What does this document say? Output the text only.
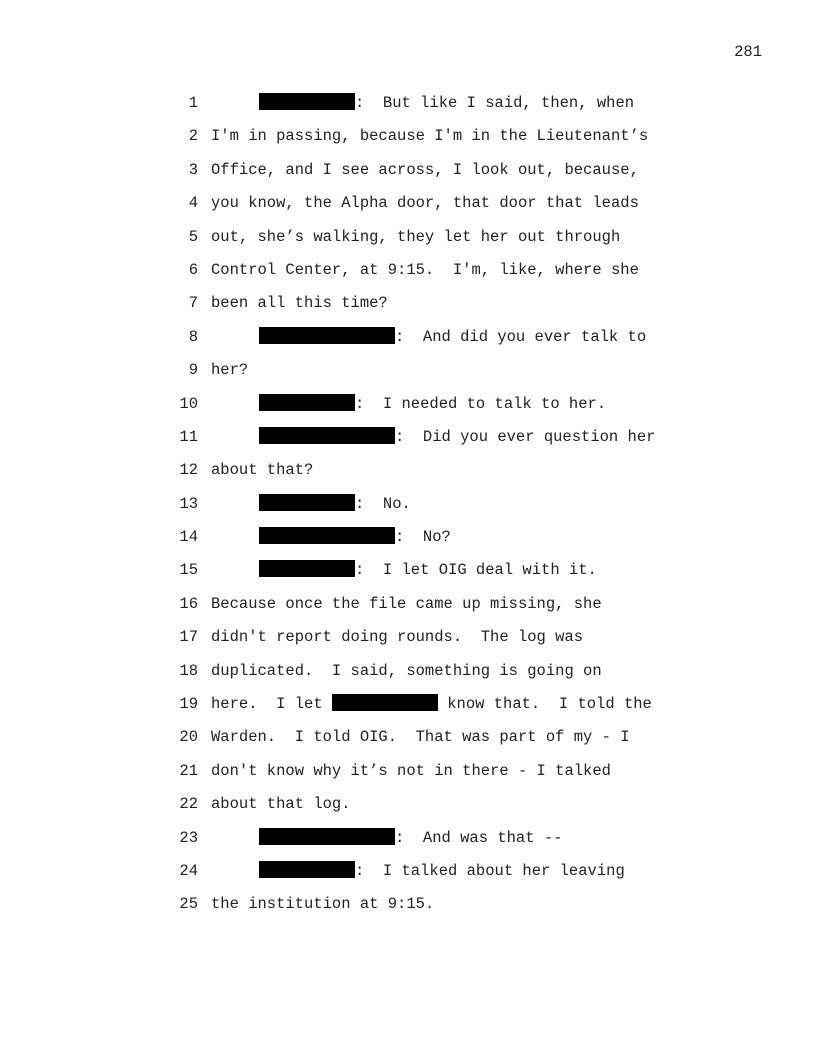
281

1

	:  But like I said, then, when

2

I'm in passing, because I'm in the Lieutenant’s

3

Office, and I see across, I look out, because,

4

you know, the Alpha door, that door that leads

5

out, she’s walking, they let her out through

6

Control Center, at 9:15.  I'm, like, where she

7

been all this time?

8

	:  And did you ever talk to

9

her?

10

	:  I needed to talk to her.

11

	:  Did you ever question her

12

about that?

13

	:  No.

14

	:  No?

15

	:  I let OIG deal with it.

16

Because once the file came up missing, she

17

didn't report doing rounds.  The log was

18

duplicated.  I said, something is going on

19

here.  I let	know that.  I told the

20

Warden.  I told OIG.  That was part of my - I

21

don't know why it’s not in there - I talked

22

about that log.

23

	:  And was that --

24

	:  I talked about her leaving

25

the institution at 9:15.
